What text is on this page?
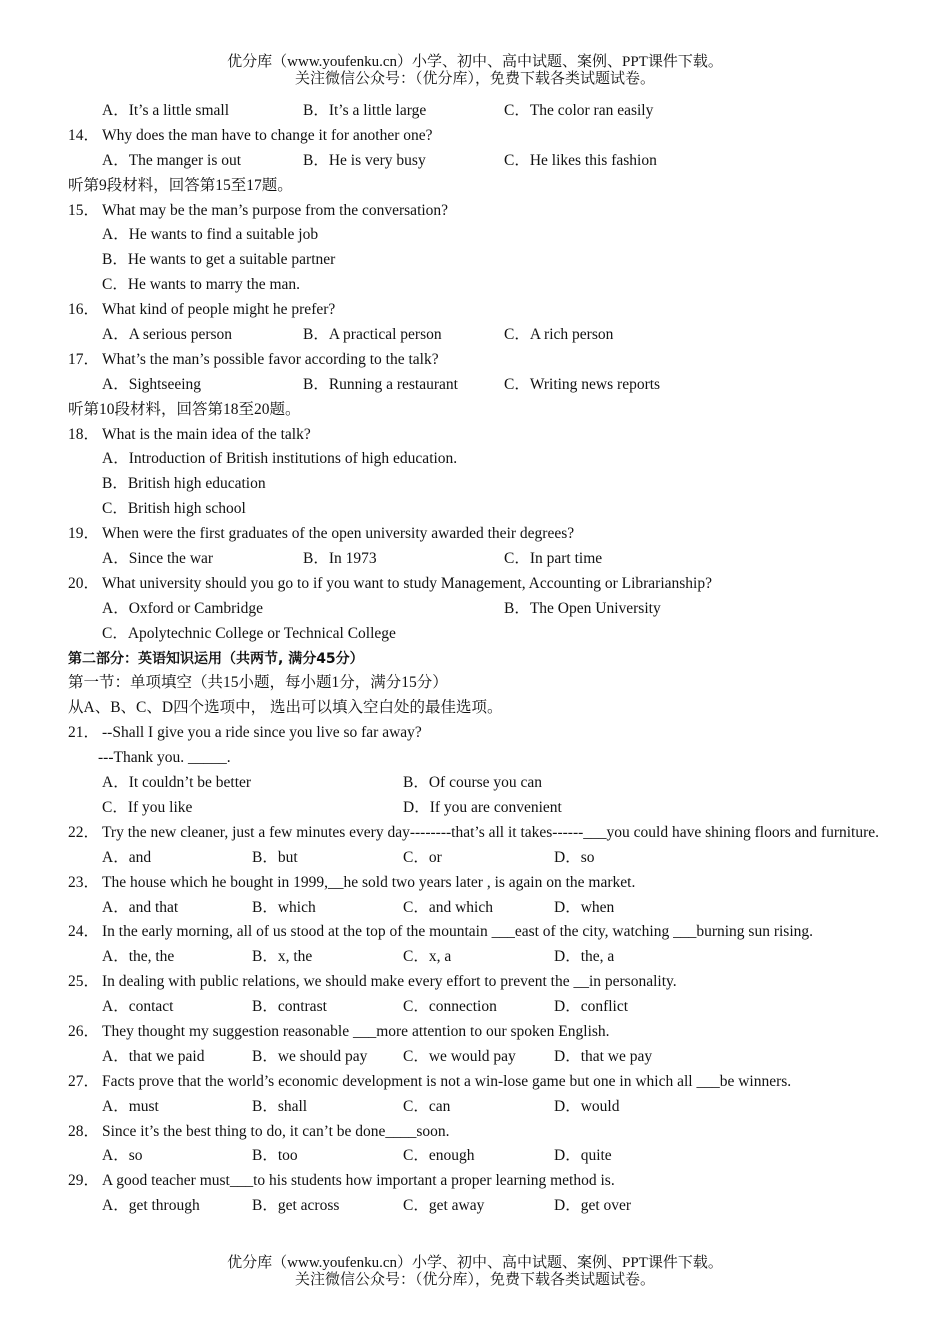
优分库（www.youfenku.cn）小学、初中、高中试题、案例、PPT课件下载。
关注微信公众号：（优分库），免费下载各类试题试卷。
A．It’s a little small	B．It’s a little large	C．The color ran easily
14． Why does the man have to change it for another one?
A．The manger is out	B．He is very busy	C．He likes this fashion
听第9段材料，回答第15至17题。
15． What may be the man’s purpose from the conversation?
A．He wants to find a suitable job
B．He wants to get a suitable partner
C．He wants to marry the man.
16． What kind of people might he prefer?
A．A serious person	B．A practical person	C．A rich person
17． What’s the man’s possible favor according to the talk?
A．Sightseeing	B．Running a restaurant	C．Writing news reports
听第10段材料，回答第18至20题。
18． What is the main idea of the talk?
A．Introduction of British institutions of high education.
B．British high education
C．British high school
19． When were the first graduates of the open university awarded their degrees?
A．Since the war	B．In 1973	C．In part time
20． What university should you go to if you want to study Management, Accounting or Librarianship?
A．Oxford or Cambridge	B．The Open University
C．Apolytechnic College or Technical College
第二部分：英语知识运用（共两节, 满分45分）
第一节：单项填空（共15小题，每小题1分，满分15分）
从A、B、C、D四个选项中， 选出可以填入空白处的最佳选项。
21． --Shall I give you a ride since you live so far away?
---Thank you. _____.
A．It couldn’t be better	B．Of course you can
C．If you like	D．If you are convenient
22． Try the new cleaner, just a few minutes every day--------that’s all it takes------___you could have shining floors and furniture.
A．and	B．but	C．or	D．so
23． The house which he bought in 1999,__he sold two years later , is again on the market.
A．and that	B．which	C．and which	D．when
24． In the early morning, all of us stood at the top of the mountain ___east of the city, watching ___burning sun rising.
A．the, the	B．x, the	C．x, a	D．the, a
25． In dealing with public relations, we should make every effort to prevent the __in personality.
A．contact	B．contrast	C．connection	D．conflict
26． They thought my suggestion reasonable ___more attention to our spoken English.
A．that we paid	B．we should pay C．we would pay D．that we pay
27． Facts prove that the world’s economic development is not a win-lose game but one in which all ___be winners.
A．must	B．shall	C．can	D．would
28． Since it’s the best thing to do, it can’t be done____soon.
A．so	B．too	C．enough	D．quite
29． A good teacher must___to his students how important a proper learning method is.
A．get through	B．get across	C．get away	D．get over
优分库（www.youfenku.cn）小学、初中、高中试题、案例、PPT课件下载。
关注微信公众号：（优分库），免费下载各类试题试卷。
